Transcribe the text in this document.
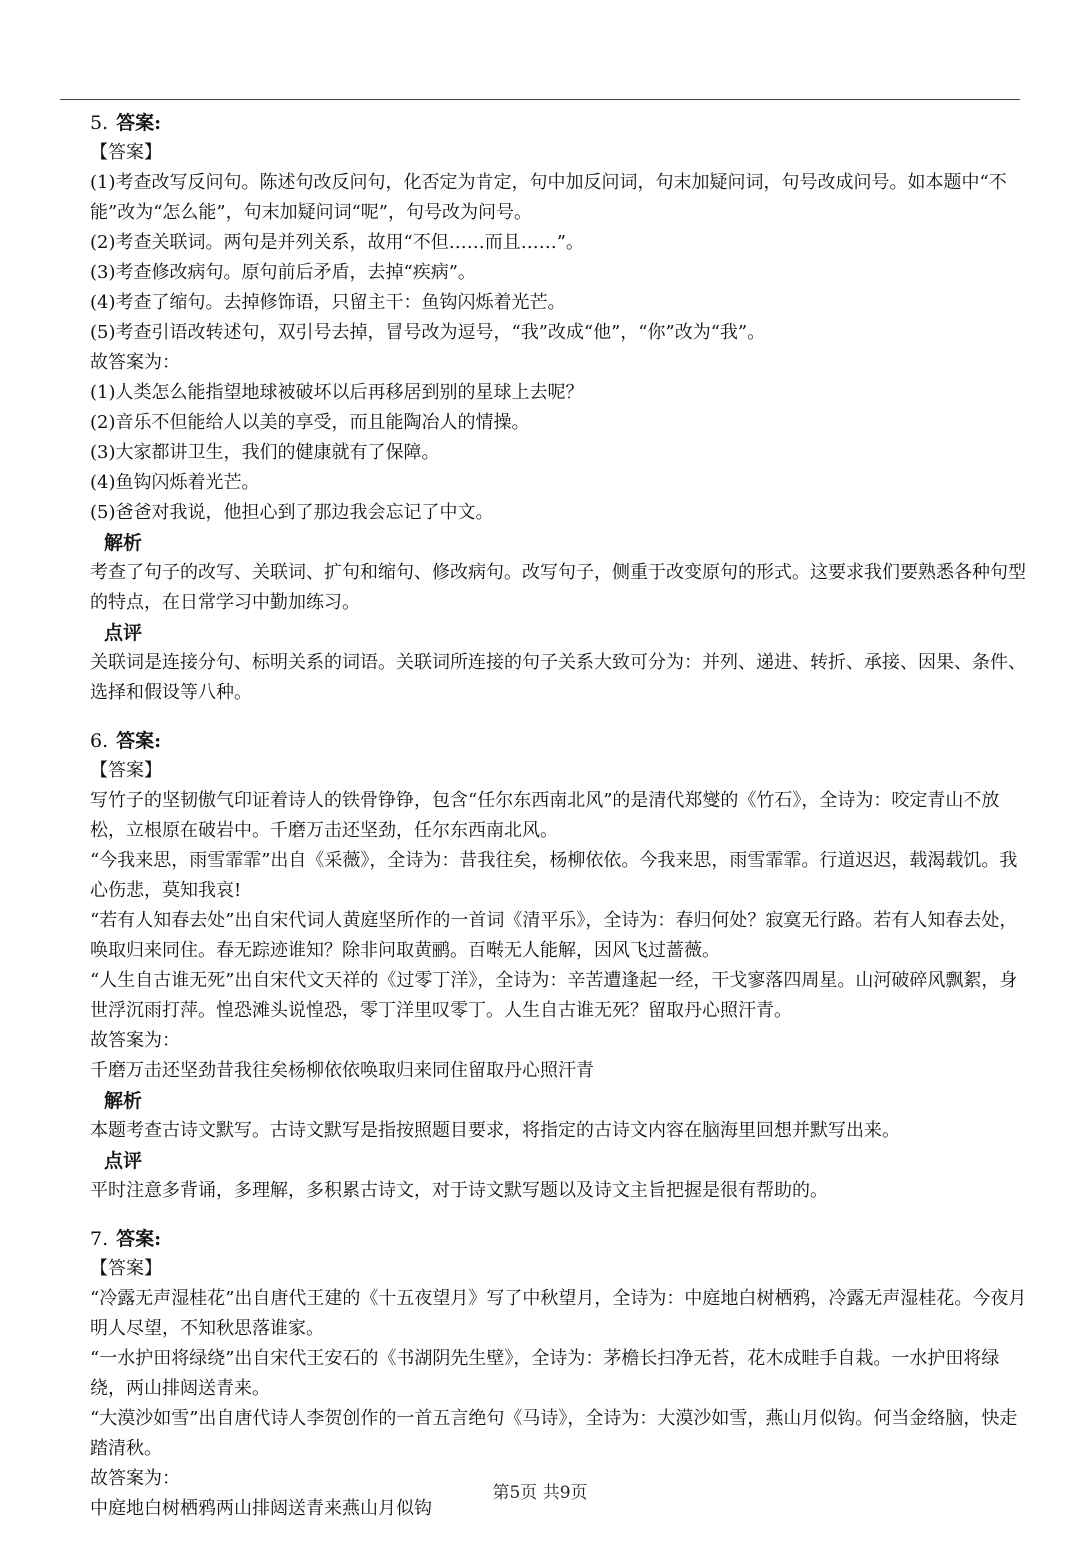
5. 答案:
【答案】
(1)考查改写反问句。陈述句改反问句，化否定为肯定，句中加反问词，句末加疑问词，句号改成问号。如本题中“不能”改为“怎么能”，句末加疑问词“呢”，句号改为问号。
(2)考查关联词。两句是并列关系，故用“不但……而且……”。
(3)考查修改病句。原句前后矛盾，去掉“疾病”。
(4)考查了缩句。去掉修饰语，只留主干：鱼钩闪烁着光芒。
(5)考查引语改转述句，双引号去掉，冒号改为逗号，“我”改成“他”，“你”改为“我”。
故答案为：
(1)人类怎么能指望地球被破坏以后再移居到别的星球上去呢？
(2)音乐不但能给人以美的享受，而且能陶冶人的情操。
(3)大家都讲卫生，我们的健康就有了保障。
(4)鱼钩闪烁着光芒。
(5)爸爸对我说，他担心到了那边我会忘记了中文。
解析
考查了句子的改写、关联词、扩句和缩句、修改病句。改写句子，侧重于改变原句的形式。这要求我们要熟悉各种句型的特点，在日常学习中勤加练习。
点评
关联词是连接分句、标明关系的词语。关联词所连接的句子关系大致可分为：并列、递进、转折、承接、因果、条件、选择和假设等八种。
6. 答案:
【答案】
写竹子的坚韧傲气印证着诗人的铁骨铮铮，包含“任尔东西南北风”的是清代郑燮的《竹石》，全诗为：咬定青山不放松，立根原在破岩中。千磨万击还坚劲，任尔东西南北风。
“今我来思，雨雪霏霏”出自《采薇》，全诗为：昔我往矣，杨柳依依。今我来思，雨雪霏霏。行道迟迟，载渴载饥。我心伤悲，莫知我哀!
“若有人知春去处”出自宋代词人黄庭坚所作的一首词《清平乐》，全诗为：春归何处？寂寞无行路。若有人知春去处，唤取归来同住。春无踪迹谁知？除非问取黄鹂。百啭无人能解，因风飞过蔷薇。
“人生自古谁无死”出自宋代文天祥的《过零丁洋》，全诗为：辛苦遭逢起一经，干戈寥落四周星。山河破碎风飘絮，身世浮沉雨打萍。惶恐滩头说惶恐，零丁洋里叹零丁。人生自古谁无死？留取丹心照汗青。
故答案为：
千磨万击还坚劲昔我往矣杨柳依依唤取归来同住留取丹心照汗青
解析
本题考查古诗文默写。古诗文默写是指按照题目要求，将指定的古诗文内容在脑海里回想并默写出来。
点评
平时注意多背诵，多理解，多积累古诗文，对于诗文默写题以及诗文主旨把握是很有帮助的。
7. 答案:
【答案】
“冷露无声湿桂花”出自唐代王建的《十五夜望月》写了中秋望月，全诗为：中庭地白树栖鸦，冷露无声湿桂花。今夜月明人尽望，不知秋思落谁家。
“一水护田将绿绕”出自宋代王安石的《书湖阴先生壁》，全诗为：茅檐长扫净无苔，花木成畦手自栽。一水护田将绿绕，两山排闼送青来。
“大漠沙如雪”出自唐代诗人李贺创作的一首五言绝句《马诗》，全诗为：大漠沙如雪，燕山月似钩。何当金络脑，快走踏清秋。
故答案为：
中庭地白树栖鸦两山排闼送青来燕山月似钩
第5页 共9页
